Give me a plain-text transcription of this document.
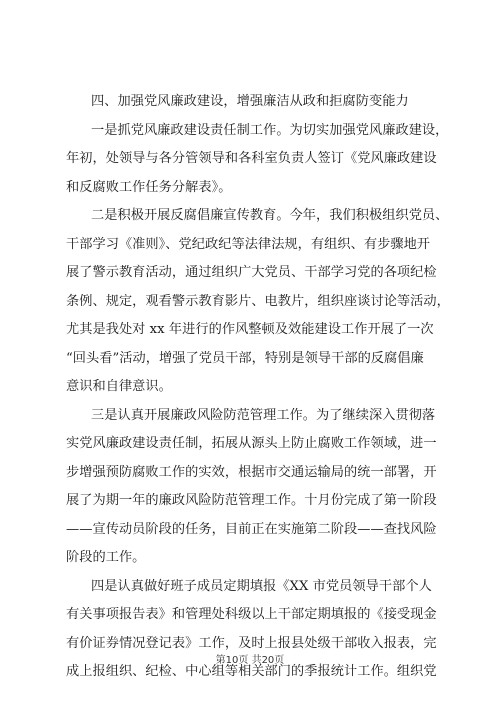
四、加强党风廉政建设，增强廉洁从政和拒腐防变能力
一是抓党风廉政建设责任制工作。为切实加强党风廉政建设，
年初，处领导与各分管领导和各科室负责人签订《党风廉政建设
和反腐败工作任务分解表》。
二是积极开展反腐倡廉宣传教育。今年，我们积极组织党员、
干部学习《准则》、党纪政纪等法律法规，有组织、有步骤地开
展了警示教育活动，通过组织广大党员、干部学习党的各项纪检
条例、规定，观看警示教育影片、电教片，组织座谈讨论等活动，
尤其是我处对 xx 年进行的作风整顿及效能建设工作开展了一次
“回头看”活动，增强了党员干部，特别是领导干部的反腐倡廉
意识和自律意识。
三是认真开展廉政风险防范管理工作。为了继续深入贯彻落
实党风廉政建设责任制，拓展从源头上防止腐败工作领域，进一
步增强预防腐败工作的实效，根据市交通运输局的统一部署，开
展了为期一年的廉政风险防范管理工作。十月份完成了第一阶段
——宣传动员阶段的任务，目前正在实施第二阶段——查找风险
阶段的工作。
四是认真做好班子成员定期填报《XX 市党员领导干部个人
有关事项报告表》和管理处科级以上干部定期填报的《接受现金
有价证券情况登记表》工作，及时上报县处级干部收入报表，完
成上报组织、纪检、中心组等相关部门的季报统计工作。组织党
第10页 共20页
